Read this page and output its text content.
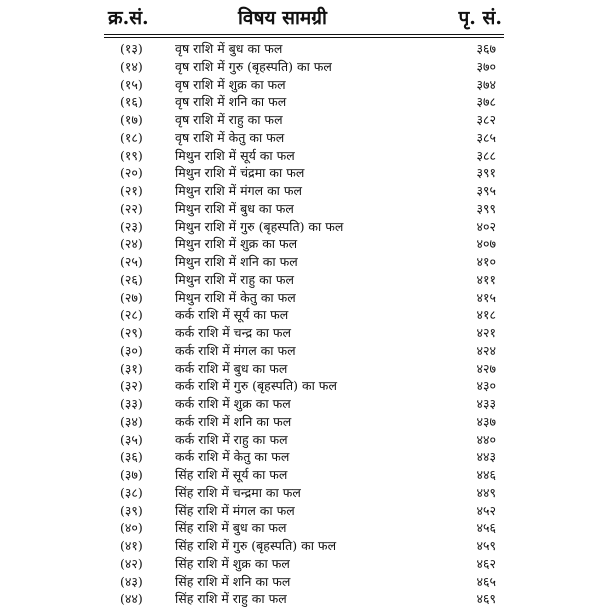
क्र.सं.	विषय सामग्री	पृ. सं.
(१३)	वृष राशि में बुध का फल	३६७
(१४)	वृष राशि में गुरु (बृहस्पति) का फल	३७०
(१५)	वृष राशि में शुक्र का फल	३७४
(१६)	वृष राशि में शनि का फल	३७८
(१७)	वृष राशि में राहु का फल	३८२
(१८)	वृष राशि में केतु का फल	३८५
(१९)	मिथुन राशि में सूर्य का फल	३८८
(२०)	मिथुन राशि में चंद्रमा का फल	३९१
(२१)	मिथुन राशि में मंगल का फल	३९५
(२२)	मिथुन राशि में बुध का फल	३९९
(२३)	मिथुन राशि में गुरु (बृहस्पति) का फल	४०२
(२४)	मिथुन राशि में शुक्र का फल	४०७
(२५)	मिथुन राशि में शनि का फल	४१०
(२६)	मिथुन राशि में राहु का फल	४११
(२७)	मिथुन राशि में केतु का फल	४१५
(२८)	कर्क राशि में सूर्य का फल	४१८
(२९)	कर्क राशि में चन्द्र का फल	४२१
(३०)	कर्क राशि में मंगल का फल	४२४
(३१)	कर्क राशि में बुध का फल	४२७
(३२)	कर्क राशि में गुरु (बृहस्पति) का फल	४३०
(३३)	कर्क राशि में शुक्र का फल	४३३
(३४)	कर्क राशि में शनि का फल	४३७
(३५)	कर्क राशि में राहु का फल	४४०
(३६)	कर्क राशि में केतु का फल	४४३
(३७)	सिंह राशि में सूर्य का फल	४४६
(३८)	सिंह राशि में चन्द्रमा का फल	४४९
(३९)	सिंह राशि में मंगल का फल	४५२
(४०)	सिंह राशि में बुध का फल	४५६
(४१)	सिंह राशि में गुरु (बृहस्पति) का फल	४५९
(४२)	सिंह राशि में शुक्र का फल	४६२
(४३)	सिंह राशि में शनि का फल	४६५
(४४)	सिंह राशि में राहु का फल	४६९
